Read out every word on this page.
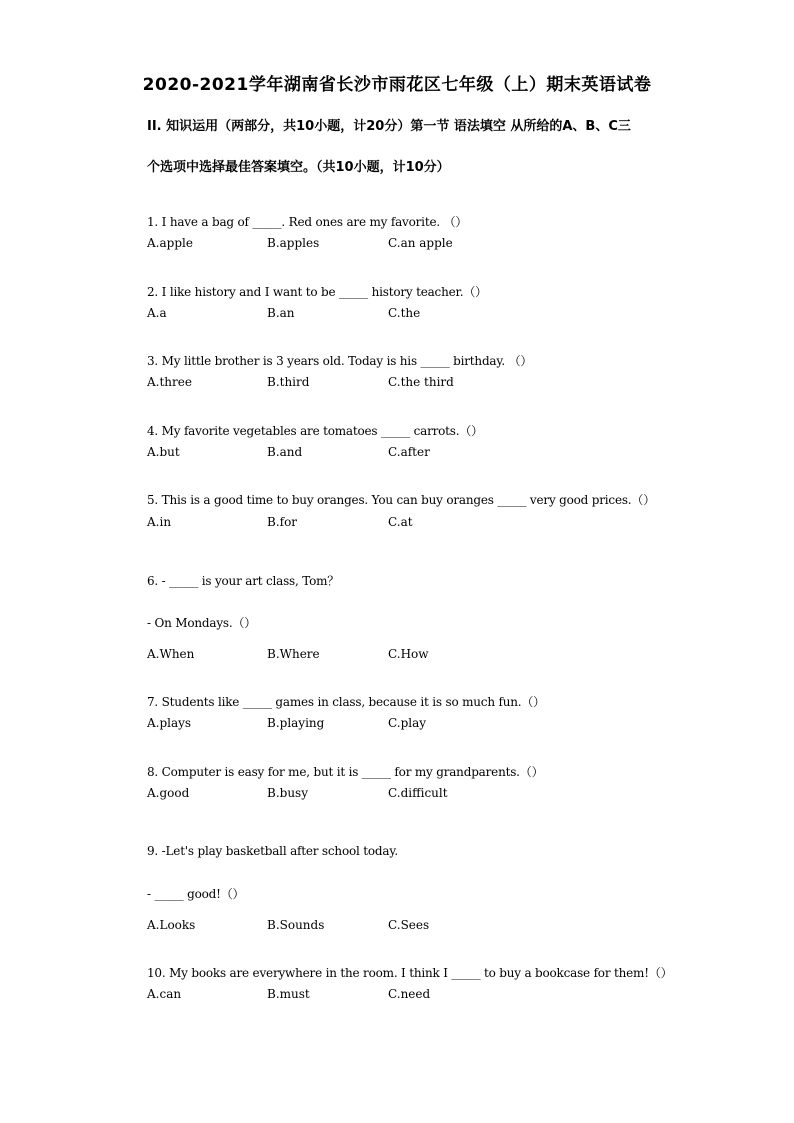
2020-2021学年湖南省长沙市雨花区七年级（上）期末英语试卷
II. 知识运用（两部分，共10小题，计20分）第一节 语法填空 从所给的A、B、C三
个选项中选择最佳答案填空。（共10小题，计10分）
1. I have a bag of _____. Red ones are my favorite. （）
A.apple	B.apples	C.an apple
2. I like history and I want to be _____ history teacher.（）
A.a	B.an	C.the
3. My little brother is 3 years old. Today is his _____ birthday. （）
A.three	B.third	C.the third
4. My favorite vegetables are tomatoes _____ carrots.（）
A.but	B.and	C.after
5. This is a good time to buy oranges. You can buy oranges _____ very good prices.（）
A.in	B.for	C.at
6. - _____ is your art class, Tom？
- On Mondays.（）
A.When	B.Where	C.How
7. Students like _____ games in class, because it is so much fun.（）
A.plays	B.playing	C.play
8. Computer is easy for me, but it is _____ for my grandparents.（）
A.good	B.busy	C.difficult
9. -Let's play basketball after school today.
- _____ good!（）
A.Looks	B.Sounds	C.Sees
10. My books are everywhere in the room. I think I _____ to buy a bookcase for them!（）
A.can	B.must	C.need
